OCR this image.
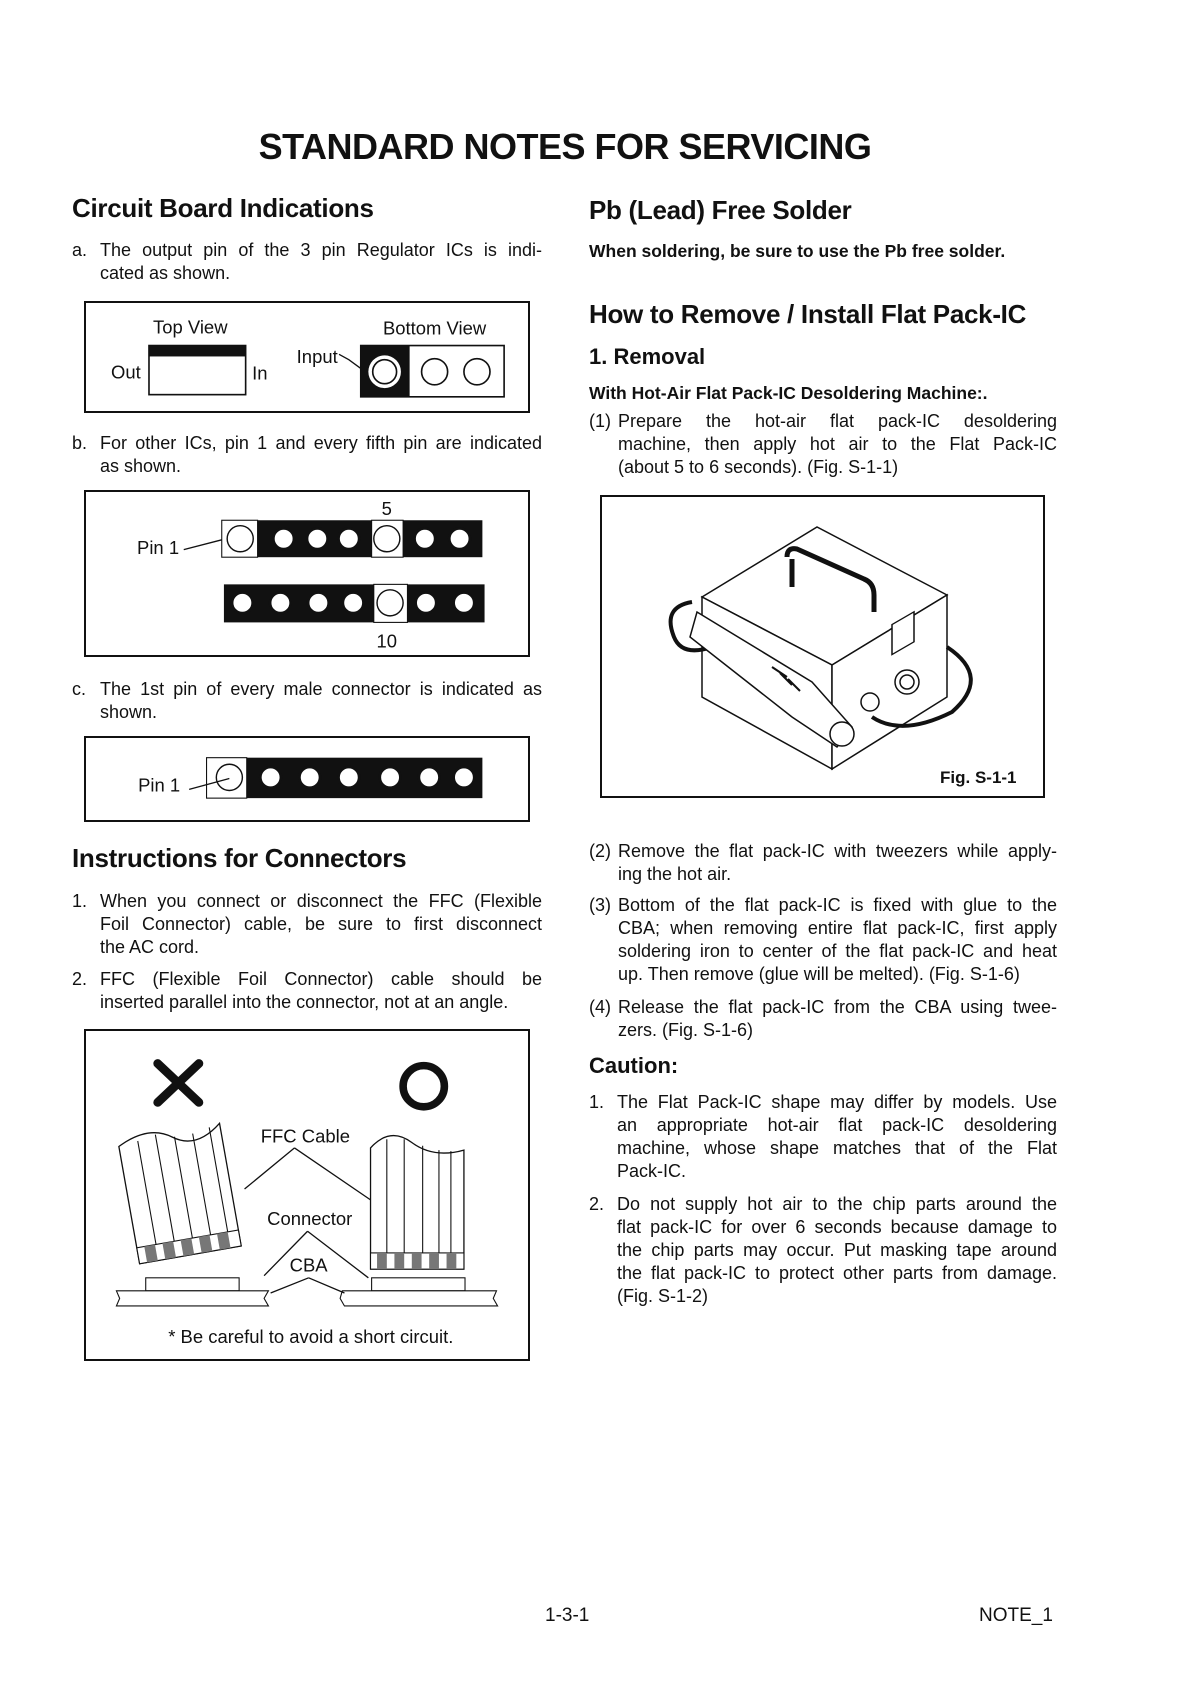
STANDARD NOTES FOR SERVICING
Circuit Board Indications
a. The output pin of the 3 pin Regulator ICs is indi-
cated as shown.
Top View	Bottom View
Out	In
Input
b. For other ICs, pin 1 and every fifth pin are indicated
as shown.
5
Pin 1
10
c. The 1st pin of every male connector is indicated as
shown.
Pin 1
Instructions for Connectors
1. When you connect or disconnect the FFC (Flexible
Foil Connector) cable, be sure to first disconnect
the AC cord.
2. FFC (Flexible Foil Connector) cable should be
inserted parallel into the connector, not at an angle.
FFC Cable
Connector
CBA
* Be careful to avoid a short circuit.
Pb (Lead) Free Solder
When soldering, be sure to use the Pb free solder.
How to Remove / Install Flat Pack-IC
1. Removal
With Hot-Air Flat Pack-IC Desoldering Machine:.
(1) Prepare the hot-air flat pack-IC desoldering
machine, then apply hot air to the Flat Pack-IC
(about 5 to 6 seconds). (Fig. S-1-1)
Fig. S-1-1
(2) Remove the flat pack-IC with tweezers while apply-
ing the hot air.
(3) Bottom of the flat pack-IC is fixed with glue to the
CBA; when removing entire flat pack-IC, first apply
soldering iron to center of the flat pack-IC and heat
up. Then remove (glue will be melted). (Fig. S-1-6)
(4) Release the flat pack-IC from the CBA using twee-
zers. (Fig. S-1-6)
Caution:
1. The Flat Pack-IC shape may differ by models. Use
an appropriate hot-air flat pack-IC desoldering
machine, whose shape matches that of the Flat
Pack-IC.
2. Do not supply hot air to the chip parts around the
flat pack-IC for over 6 seconds because damage to
the chip parts may occur. Put masking tape around
the flat pack-IC to protect other parts from damage.
(Fig. S-1-2)
1-3-1	NOTE_1
